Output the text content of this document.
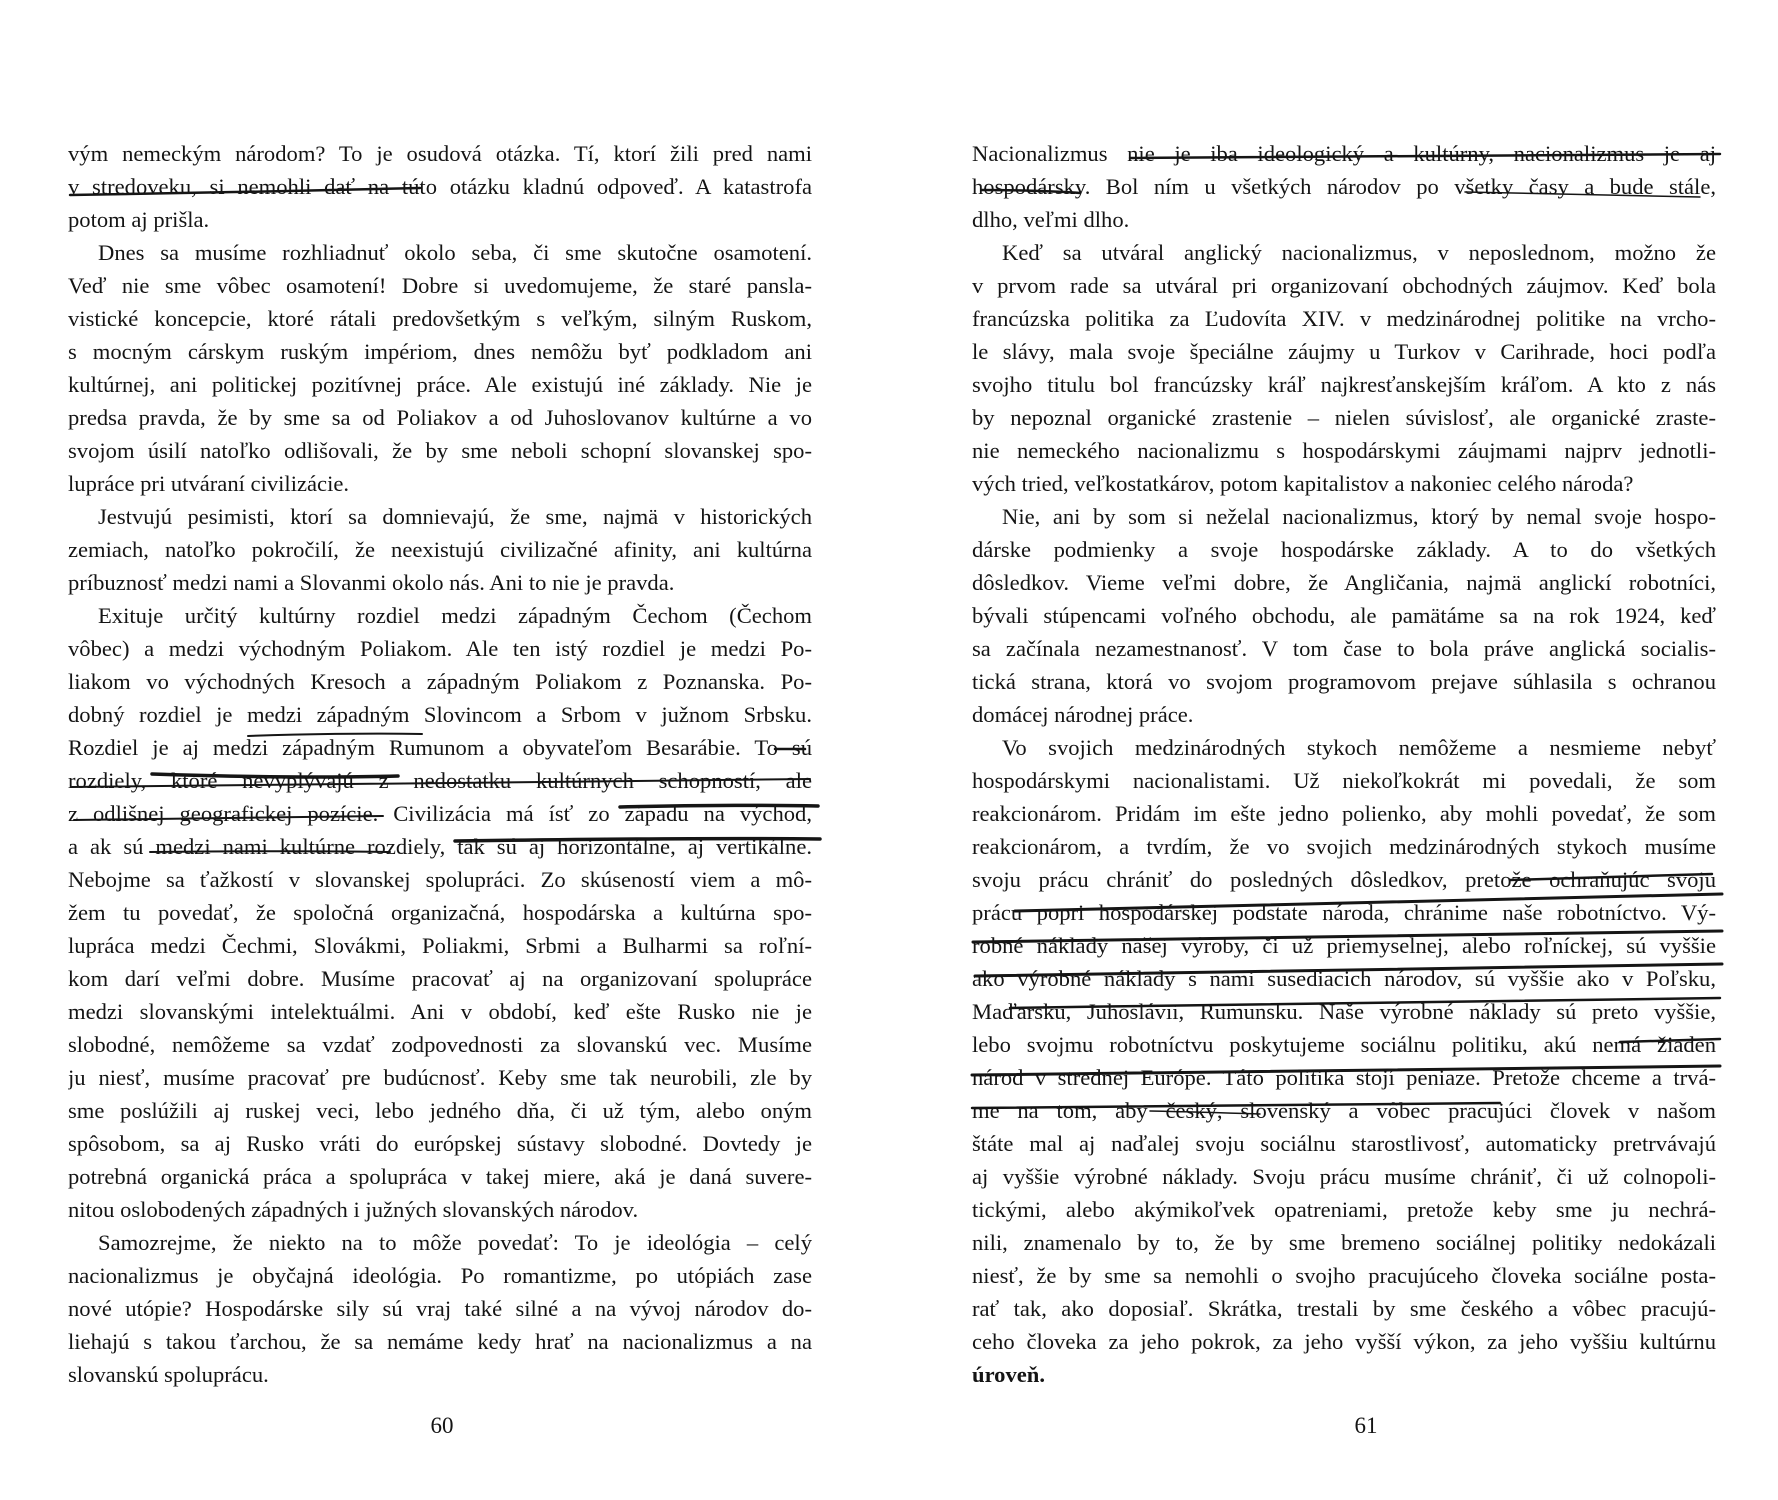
vým nemeckým národom? To je osudová otázka. Tí, ktorí žili pred nami
v stredoveku, si nemohli dať na túto otázku kladnú odpoveď. A katastrofa
potom aj prišla.
Dnes sa musíme rozhliadnuť okolo seba, či sme skutočne osamotení.
Veď nie sme vôbec osamotení! Dobre si uvedomujeme, že staré pansla-
vistické koncepcie, ktoré rátali predovšetkým s veľkým, silným Ruskom,
s mocným cárskym ruským impériom, dnes nemôžu byť podkladom ani
kultúrnej, ani politickej pozitívnej práce. Ale existujú iné základy. Nie je
predsa pravda, že by sme sa od Poliakov a od Juhoslovanov kultúrne a vo
svojom úsilí natoľko odlišovali, že by sme neboli schopní slovanskej spo-
lupráce pri utváraní civilizácie.
Jestvujú pesimisti, ktorí sa domnievajú, že sme, najmä v historických
zemiach, natoľko pokročilí, že neexistujú civilizačné afinity, ani kultúrna
príbuznosť medzi nami a Slovanmi okolo nás. Ani to nie je pravda.
Exituje určitý kultúrny rozdiel medzi západným Čechom (Čechom
vôbec) a medzi východným Poliakom. Ale ten istý rozdiel je medzi Po-
liakom vo východných Kresoch a západným Poliakom z Poznanska. Po-
dobný rozdiel je medzi západným Slovincom a Srbom v južnom Srbsku.
Rozdiel je aj medzi západným Rumunom a obyvateľom Besarábie. To sú
rozdiely, ktoré nevyplývajú z nedostatku kultúrnych schopností, ale
z odlišnej geografickej pozície. Civilizácia má ísť zo západu na východ,
a ak sú medzi nami kultúrne rozdiely, tak sú aj horizontálne, aj vertikálne.
Nebojme sa ťažkostí v slovanskej spolupráci. Zo skúseností viem a mô-
žem tu povedať, že spoločná organizačná, hospodárska a kultúrna spo-
lupráca medzi Čechmi, Slovákmi, Poliakmi, Srbmi a Bulharmi sa roľní-
kom darí veľmi dobre. Musíme pracovať aj na organizovaní spolupráce
medzi slovanskými intelektuálmi. Ani v období, keď ešte Rusko nie je
slobodné, nemôžeme sa vzdať zodpovednosti za slovanskú vec. Musíme
ju niesť, musíme pracovať pre budúcnosť. Keby sme tak neurobili, zle by
sme poslúžili aj ruskej veci, lebo jedného dňa, či už tým, alebo oným
spôsobom, sa aj Rusko vráti do európskej sústavy slobodné. Dovtedy je
potrebná organická práca a spolupráca v takej miere, aká je daná suvere-
nitou oslobodených západných i južných slovanských národov.
Samozrejme, že niekto na to môže povedať: To je ideológia – celý
nacionalizmus je obyčajná ideológia. Po romantizme, po utópiách zase
nové utópie? Hospodárske sily sú vraj také silné a na vývoj národov do-
liehajú s takou ťarchou, že sa nemáme kedy hrať na nacionalizmus a na
slovanskú spoluprácu.
60
Nacionalizmus nie je iba ideologický a kultúrny, nacionalizmus je aj
hospodársky. Bol ním u všetkých národov po všetky časy a bude stále,
dlho, veľmi dlho.
Keď sa utváral anglický nacionalizmus, v neposlednom, možno že
v prvom rade sa utváral pri organizovaní obchodných záujmov. Keď bola
francúzska politika za Ľudovíta XIV. v medzinárodnej politike na vrcho-
le slávy, mala svoje špeciálne záujmy u Turkov v Carihrade, hoci podľa
svojho titulu bol francúzsky kráľ najkresťanskejším kráľom. A kto z nás
by nepoznal organické zrastenie – nielen súvislosť, ale organické zraste-
nie nemeckého nacionalizmu s hospodárskymi záujmami najprv jednotli-
vých tried, veľkostatkárov, potom kapitalistov a nakoniec celého národa?
Nie, ani by som si neželal nacionalizmus, ktorý by nemal svoje hospo-
dárske podmienky a svoje hospodárske základy. A to do všetkých
dôsledkov. Vieme veľmi dobre, že Angličania, najmä anglickí robotníci,
bývali stúpencami voľného obchodu, ale pamätáme sa na rok 1924, keď
sa začínala nezamestnanosť. V tom čase to bola práve anglická socialis-
tická strana, ktorá vo svojom programovom prejave súhlasila s ochranou
domácej národnej práce.
Vo svojich medzinárodných stykoch nemôžeme a nesmieme nebyť
hospodárskymi nacionalistami. Už niekoľkokrát mi povedali, že som
reakcionárom. Pridám im ešte jedno polienko, aby mohli povedať, že som
reakcionárom, a tvrdím, že vo svojich medzinárodných stykoch musíme
svoju prácu chrániť do posledných dôsledkov, pretože ochraňujúc svoju
prácu popri hospodárskej podstate národa, chránime naše robotníctvo. Vý-
robné náklady našej výroby, či už priemyselnej, alebo roľníckej, sú vyššie
ako výrobné náklady s nami susediacich národov, sú vyššie ako v Poľsku,
Maďarsku, Juhoslávii, Rumunsku. Naše výrobné náklady sú preto vyššie,
lebo svojmu robotníctvu poskytujeme sociálnu politiku, akú nemá žiaden
národ v strednej Európe. Táto politika stojí peniaze. Pretože chceme a trvá-
me na tom, aby český, slovenský a vôbec pracujúci človek v našom
štáte mal aj naďalej svoju sociálnu starostlivosť, automaticky pretrvávajú
aj vyššie výrobné náklady. Svoju prácu musíme chrániť, či už colnopoli-
tickými, alebo akýmikoľvek opatreniami, pretože keby sme ju nechrá-
nili, znamenalo by to, že by sme bremeno sociálnej politiky nedokázali
niesť, že by sme sa nemohli o svojho pracujúceho človeka sociálne posta-
rať tak, ako doposiaľ. Skrátka, trestali by sme českého a vôbec pracujú-
ceho človeka za jeho pokrok, za jeho vyšší výkon, za jeho vyššiu kultúrnu
úroveň.
61
